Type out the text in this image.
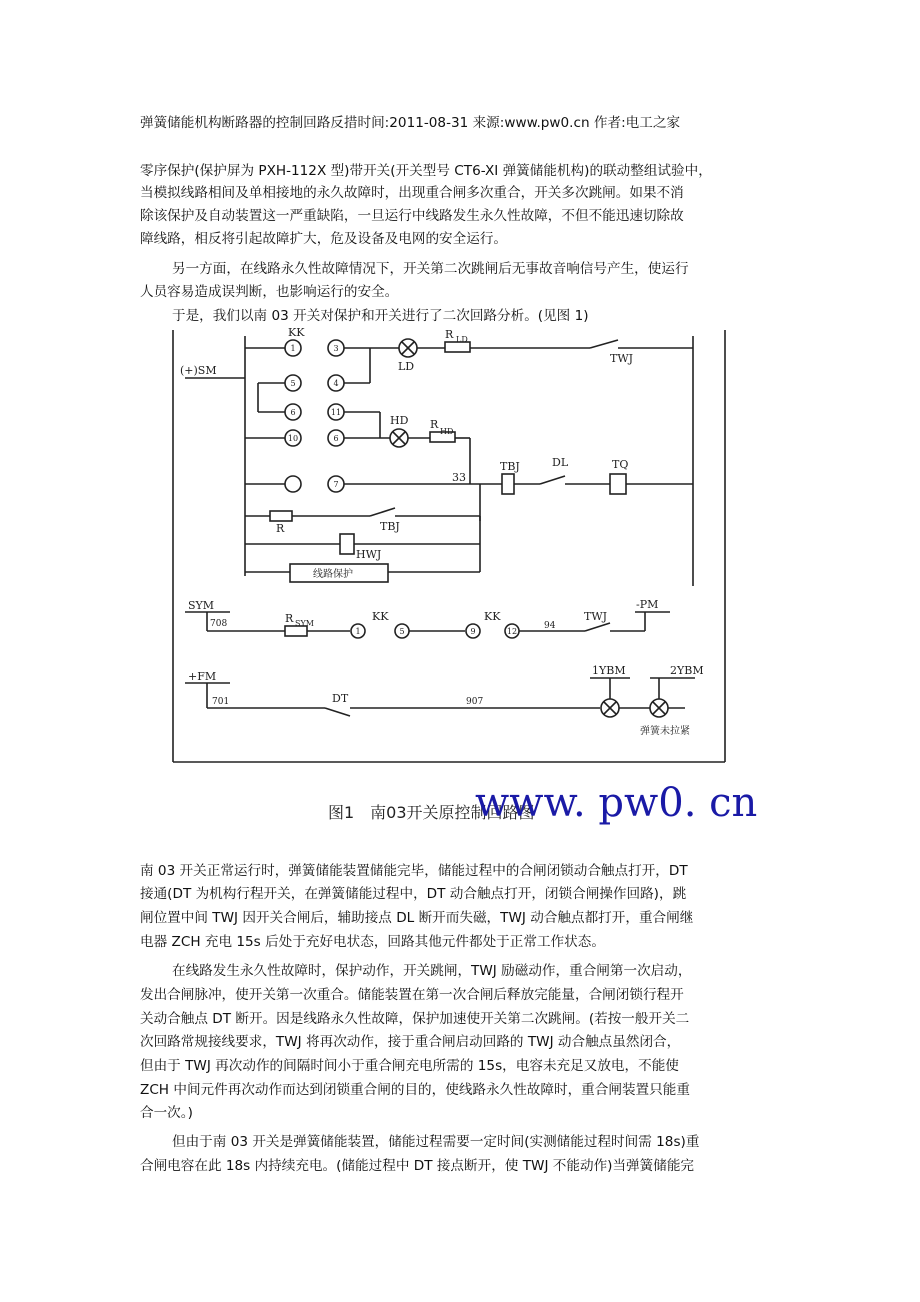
弹簧储能机构断路器的控制回路反措时间:2011-08-31 来源:www.pw0.cn 作者:电工之家
零序保护(保护屏为 PXH-112X 型)带开关(开关型号 CT6-XI 弹簧储能机构)的联动整组试验中，
当模拟线路相间及单相接地的永久故障时，出现重合闸多次重合，开关多次跳闸。如果不消
除该保护及自动装置这一严重缺陷，一旦运行中线路发生永久性故障，不但不能迅速切除故
障线路，相反将引起故障扩大，危及设备及电网的安全运行。
另一方面，在线路永久性故障情况下，开关第二次跳闸后无事故音响信号产生，使运行
人员容易造成误判断，也影响运行的安全。
于是，我们以南 03 开关对保护和开关进行了二次回路分析。(见图 1)
KK
(+)SM
R LD
LD
TWJ
HD R
HD
33
TBJ	DL	TQ
R	TBJ
HWJ
线路保护
SYM
708	R SYM
KK	KK
94
TWJ
-PM
+FM
701	DT	907
1YBM	2YBM
弹簧未拉紧
1	3
5	4
6	11
10	6
7
1	5	9	12
图1　南03开关原控制回路图
www. pw0. cn
南 03 开关正常运行时，弹簧储能装置储能完毕，储能过程中的合闸闭锁动合触点打开，DT
接通(DT 为机构行程开关，在弹簧储能过程中，DT 动合触点打开，闭锁合闸操作回路)，跳
闸位置中间 TWJ 因开关合闸后，辅助接点 DL 断开而失磁，TWJ 动合触点都打开，重合闸继
电器 ZCH 充电 15s 后处于充好电状态，回路其他元件都处于正常工作状态。
在线路发生永久性故障时，保护动作，开关跳闸，TWJ 励磁动作，重合闸第一次启动，
发出合闸脉冲，使开关第一次重合。储能装置在第一次合闸后释放完能量，合闸闭锁行程开
关动合触点 DT 断开。因是线路永久性故障，保护加速使开关第二次跳闸。(若按一般开关二
次回路常规接线要求，TWJ 将再次动作，接于重合闸启动回路的 TWJ 动合触点虽然闭合，
但由于 TWJ 再次动作的间隔时间小于重合闸充电所需的 15s，电容未充足又放电，不能使
ZCH 中间元件再次动作而达到闭锁重合闸的目的，使线路永久性故障时，重合闸装置只能重
合一次。)
但由于南 03 开关是弹簧储能装置，储能过程需要一定时间(实测储能过程时间需 18s)重
合闸电容在此 18s 内持续充电。(储能过程中 DT 接点断开，使 TWJ 不能动作)当弹簧储能完
